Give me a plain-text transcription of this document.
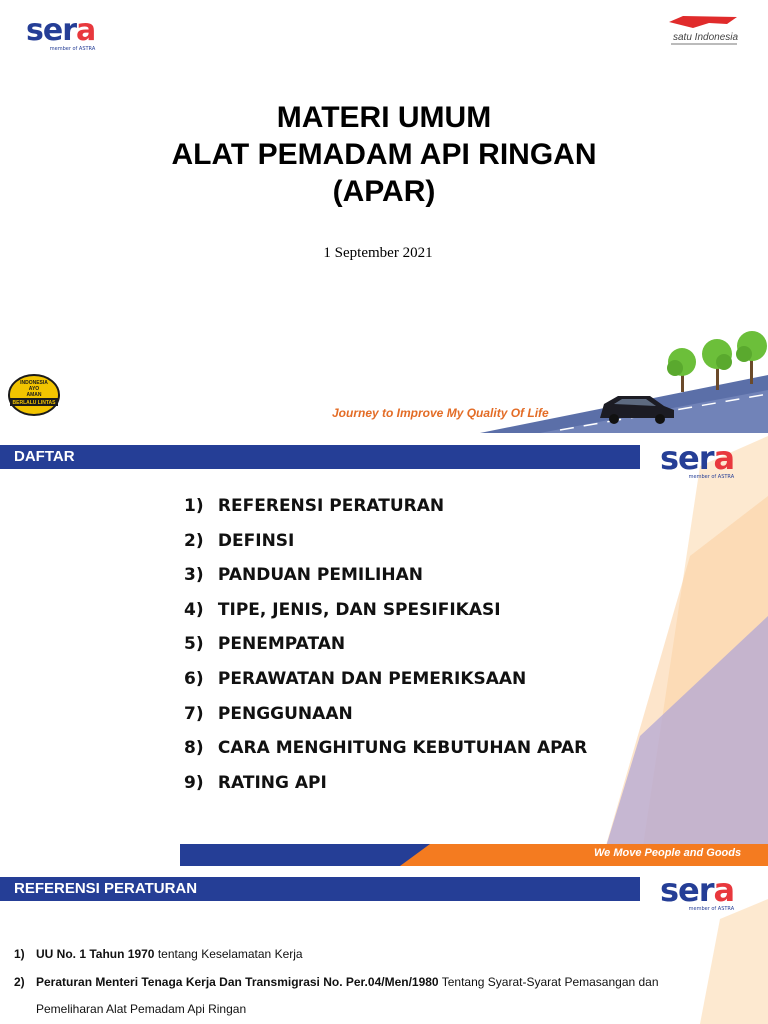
sera
member of ASTRA
satu Indonesia
MATERI UMUM
ALAT PEMADAM API RINGAN
(APAR)
1 September 2021
INDONESIA
AYO
AMAN
BERLALU LINTAS
Journey to Improve My Quality Of Life
DAFTAR	sera
member of ASTRA
1) REFERENSI PERATURAN
2) DEFINSI
3) PANDUAN PEMILIHAN
4) TIPE, JENIS, DAN SPESIFIKASI
5) PENEMPATAN
6) PERAWATAN DAN PEMERIKSAAN
7) PENGGUNAAN
8) CARA MENGHITUNG KEBUTUHAN APAR
9) RATING API
We Move People and Goods
REFERENSI PERATURAN	sera
member of ASTRA
1) UU No. 1 Tahun 1970 tentang Keselamatan Kerja
2) Peraturan Menteri Tenaga Kerja Dan Transmigrasi No. Per.04/Men/1980 Tentang Syarat-Syarat Pemasangan dan Pemeliharan Alat Pemadam Api Ringan
